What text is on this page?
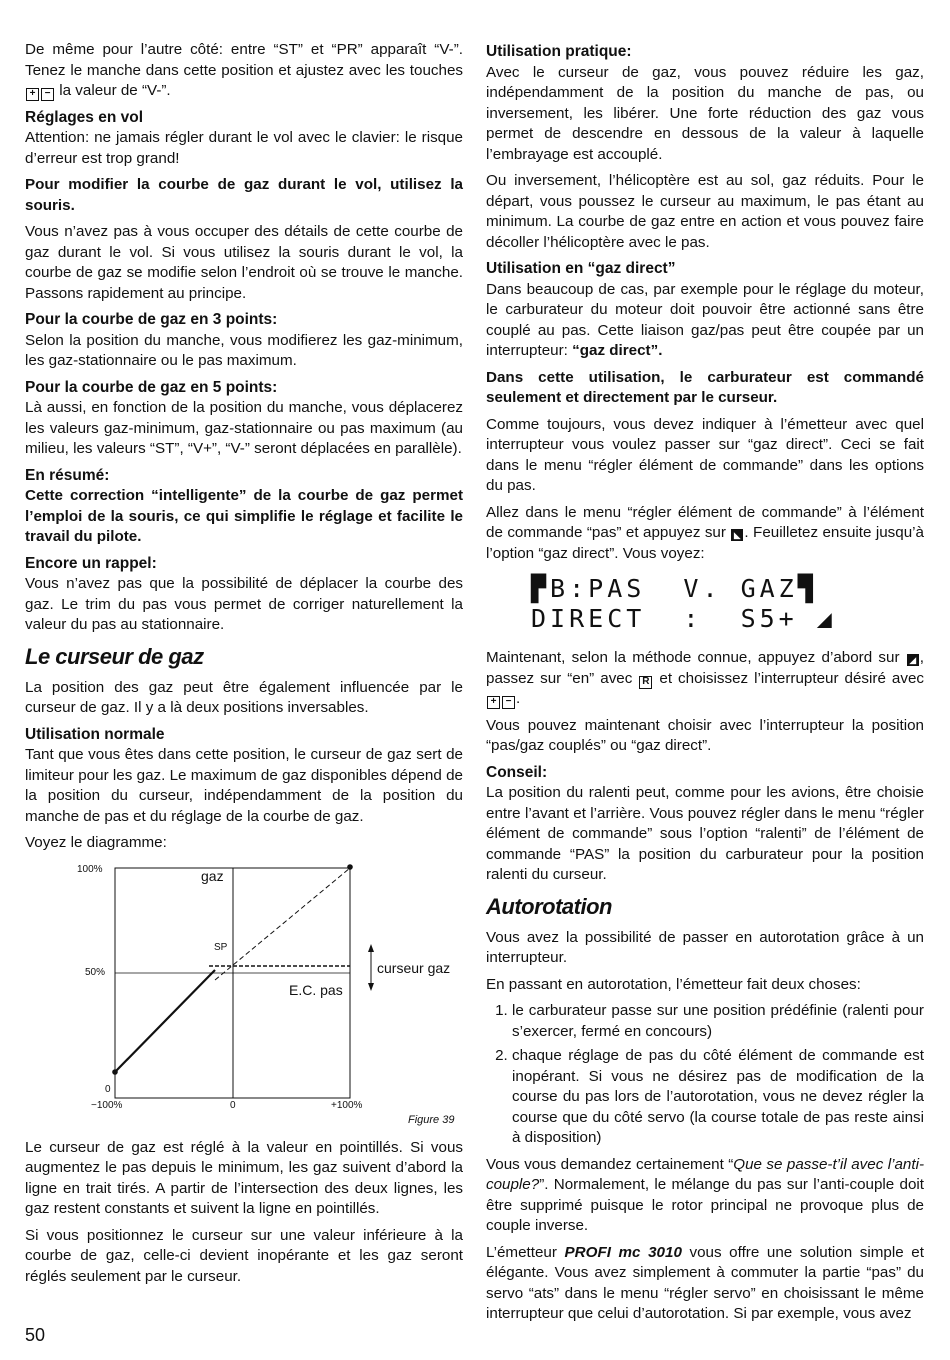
De même pour l’autre côté: entre “ST” et “PR” apparaît “V-”. Tenez le manche dans cette position et ajustez avec les touches + − la valeur de “V-”.

Réglages en vol

Attention: ne jamais régler durant le vol avec le clavier: le risque d’erreur est trop grand!

Pour modifier la courbe de gaz durant le vol, utilisez la souris.

Vous n’avez pas à vous occuper des détails de cette courbe de gaz durant le vol. Si vous utilisez la souris durant le vol, la courbe de gaz se modifie selon l’endroit où se trouve le manche. Passons rapidement au principe.

Pour la courbe de gaz en 3 points:

Selon la position du manche, vous modifierez les gaz-minimum, les gaz-stationnaire ou le pas maximum.

Pour la courbe de gaz en 5 points:

Là aussi, en fonction de la position du manche, vous déplacerez les valeurs gaz-minimum, gaz-stationnaire ou pas maximum (au milieu, les valeurs “ST”, “V+”, “V-” seront déplacées en parallèle).

En résumé:

Cette correction “intelligente” de la courbe de gaz permet l’emploi de la souris, ce qui simplifie le réglage et facilite le travail du pilote.

Encore un rappel:

Vous n’avez pas que la possibilité de déplacer la courbe des gaz. Le trim du pas vous permet de corriger naturellement la valeur du pas au stationnaire.

Le curseur de gaz

La position des gaz peut être également influencée par le curseur de gaz. Il y a là deux positions inversables.

Utilisation normale

Tant que vous êtes dans cette position, le curseur de gaz sert de limiteur pour les gaz. Le maximum de gaz disponibles dépend de la position du curseur, indépendamment de la position du manche de pas et du réglage de la courbe de gaz.

Voyez le diagramme:

100%
50%
0
−100%	0	+100%
gaz
SP
curseur gaz
E.C. pas
Figure 39

Le curseur de gaz est réglé à la valeur en pointillés. Si vous augmentez le pas depuis le minimum, les gaz suivent d’abord la ligne en trait tirés. A partir de l’intersection des deux lignes, les gaz restent constants et suivent la ligne en pointillés.

Si vous positionnez le curseur sur une valeur inférieure à la courbe de gaz, celle-ci devient inopérante et les gaz seront réglés seulement par le curseur.

Utilisation pratique:

Avec le curseur de gaz, vous pouvez réduire les gaz, indépendamment de la position du manche de pas, ou inversement, les libérer. Une forte réduction des gaz vous permet de descendre en dessous de la valeur à laquelle l’embrayage est accouplé.

Ou inversement, l’hélicoptère est au sol, gaz réduits. Pour le départ, vous poussez le curseur au maximum, le pas étant au minimum. La courbe de gaz entre en action et vous pouvez faire décoller l’hélicoptère avec le pas.

Utilisation en “gaz direct”

Dans beaucoup de cas, par exemple pour le réglage du moteur, le carburateur du moteur doit pouvoir être actionné sans être couplé au pas. Cette liaison gaz/pas peut être coupée par un interrupteur: “gaz direct”.

Dans cette utilisation, le carburateur est commandé seulement et directement par le curseur.

Comme toujours, vous devez indiquer à l’émetteur avec quel interrupteur vous voulez passer sur “gaz direct”. Ceci se fait dans le menu “régler élément de commande” dans les options du pas.

Allez dans le menu “régler élément de commande” à l’élément de commande “pas” et appuyez sur ◣ . Feuilletez ensuite jusqu’à l’option “gaz direct”. Vous voyez:

▛B:PAS  V. GAZ▜
DIRECT  :  S5+ ◢

Maintenant, selon la méthode connue, appuyez d’abord sur ◢ , passez sur “en” avec R et choisissez l’interrupteur désiré avec + − .

Vous pouvez maintenant choisir avec l’interrupteur la position “pas/gaz couplés” ou “gaz direct”.

Conseil:

La position du ralenti peut, comme pour les avions, être choisie entre l’avant et l’arrière. Vous pouvez régler dans le menu “régler élément de commande” sous l’option “ralenti” de l’élément de commande “PAS” la position du carburateur pour la position ralenti du curseur.

Autorotation

Vous avez la possibilité de passer en autorotation grâce à un interrupteur.

En passant en autorotation, l’émetteur fait deux choses:

1. le carburateur passe sur une position prédéfinie (ralenti pour s’exercer, fermé en concours)
2. chaque réglage de pas du côté élément de commande est inopérant. Si vous ne désirez pas de modification de la course du pas lors de l’autorotation, vous ne devez régler la course que du côté servo (la course totale de pas reste ainsi à disposition)

Vous vous demandez certainement “Que se passe-t’il avec l’anti-couple?”. Normalement, le mélange du pas sur l’anti-couple doit être supprimé puisque le rotor principal ne provoque plus de couple inverse.

L’émetteur PROFI mc 3010 vous offre une solution simple et élégante. Vous avez simplement à commuter la partie “pas” du servo “ats” dans le menu “régler servo” en choisissant le même interrupteur que celui d’autorotation. Si par exemple, vous avez

50
